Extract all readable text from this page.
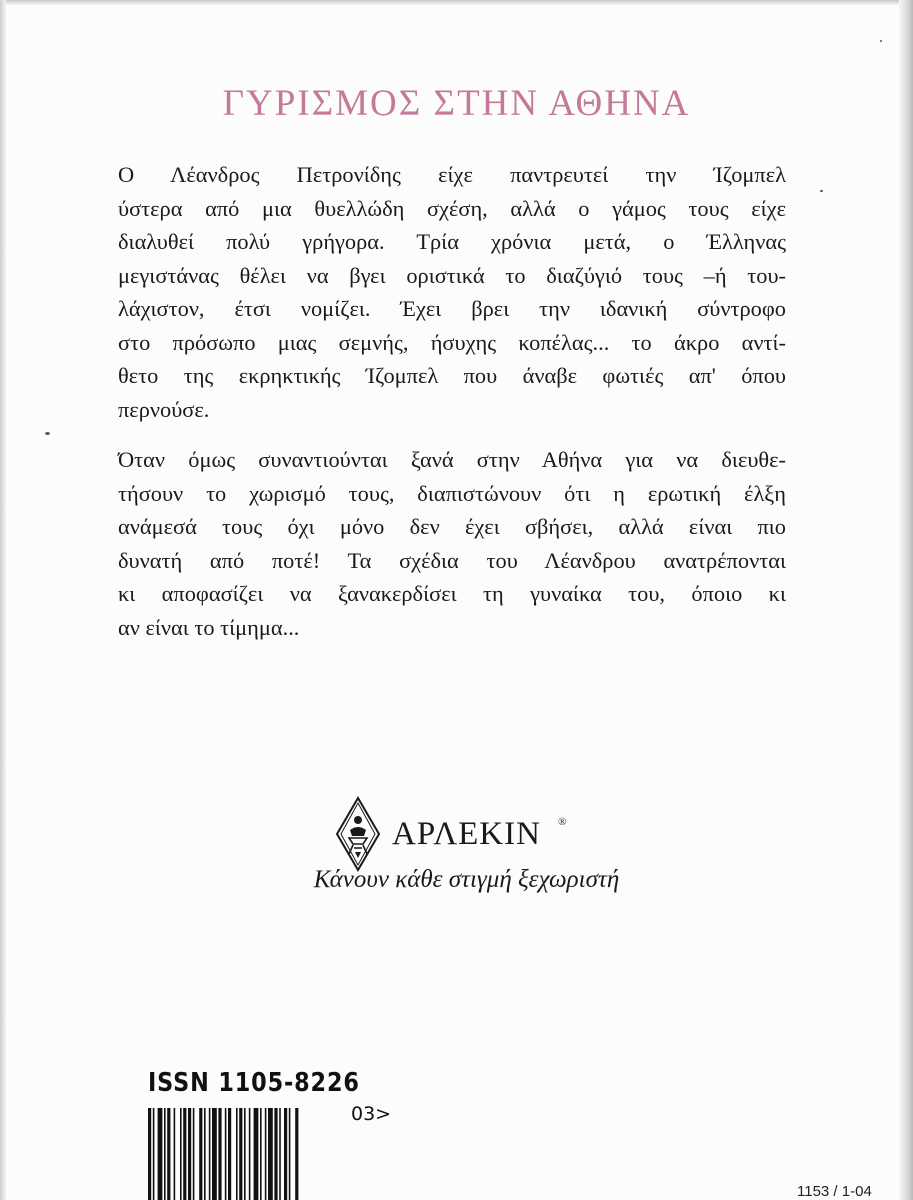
ΓΥΡΙΣΜΟΣ ΣΤΗΝ ΑΘΗΝΑ
Ο Λέανδρος Πετρονίδης είχε παντρευτεί την Ίζομπελ
ύστερα από μια θυελλώδη σχέση, αλλά ο γάμος τους είχε
διαλυθεί πολύ γρήγορα. Τρία χρόνια μετά, ο Έλληνας
μεγιστάνας θέλει να βγει οριστικά το διαζύγιό τους –ή του-
λάχιστον, έτσι νομίζει. Έχει βρει την ιδανική σύντροφο
στο πρόσωπο μιας σεμνής, ήσυχης κοπέλας... το άκρο αντί-
θετο της εκρηκτικής Ίζομπελ που άναβε φωτιές απ' όπου
περνούσε.
Όταν όμως συναντιούνται ξανά στην Αθήνα για να διευθε-
τήσουν το χωρισμό τους, διαπιστώνουν ότι η ερωτική έλξη
ανάμεσά τους όχι μόνο δεν έχει σβήσει, αλλά είναι πιο
δυνατή από ποτέ! Τα σχέδια του Λέανδρου ανατρέπονται
κι αποφασίζει να ξανακερδίσει τη γυναίκα του, όποιο κι
αν είναι το τίμημα...
ΑΡΛΕΚΙΝ ®
Κάνουν κάθε στιγμή ξεχωριστή
ISSN 1105-8226
03>
1153 / 1-04
